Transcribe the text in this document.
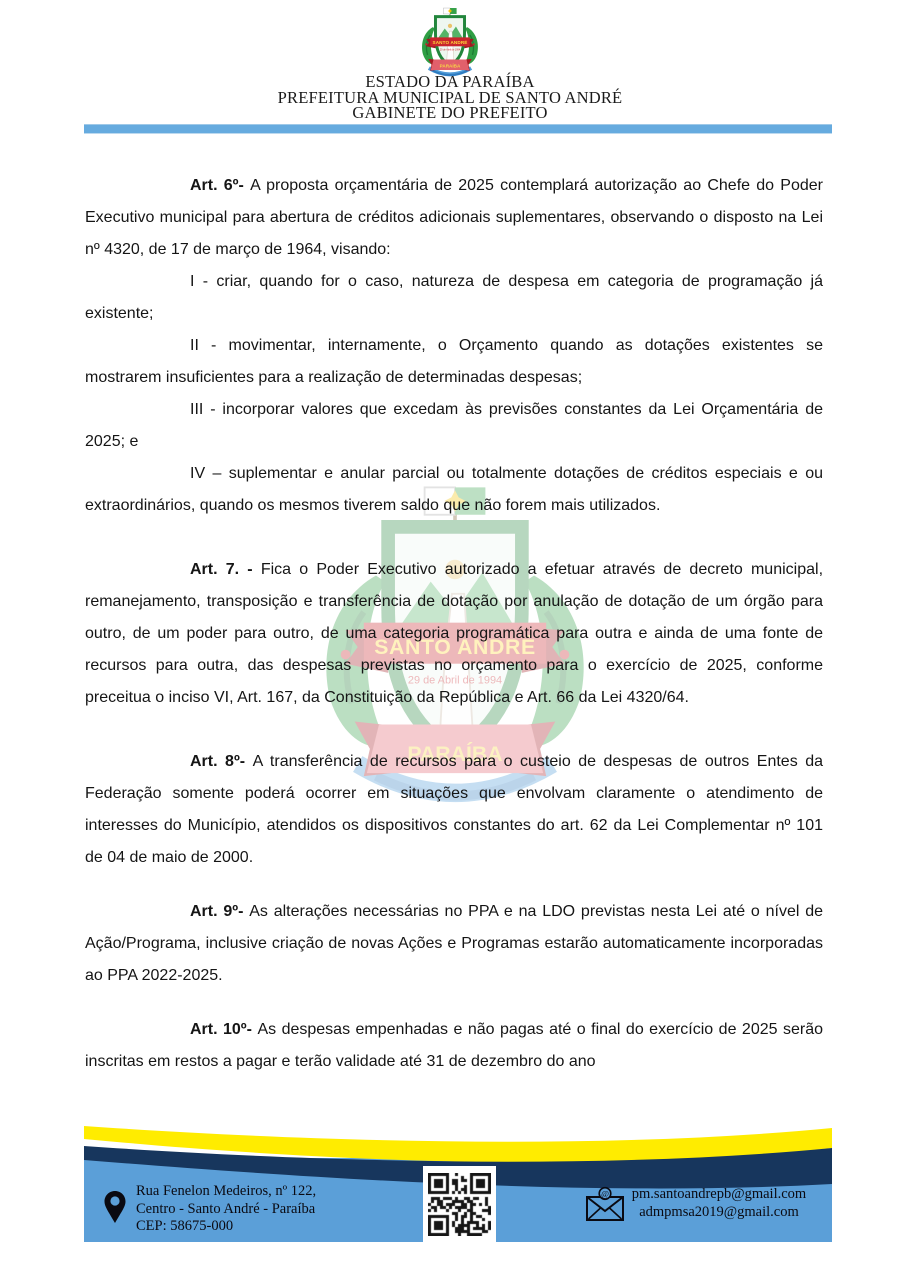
ESTADO DA PARAÍBA
PREFEITURA MUNICIPAL DE SANTO ANDRÉ
GABINETE DO PREFEITO

Art. 6º- A proposta orçamentária de 2025 contemplará autorização ao Chefe do Poder Executivo municipal para abertura de créditos adicionais suplementares, observando o disposto na Lei nº 4320, de 17 de março de 1964, visando:

I - criar, quando for o caso, natureza de despesa em categoria de programação já existente;

II - movimentar, internamente, o Orçamento quando as dotações existentes se mostrarem insuficientes para a realização de determinadas despesas;

III - incorporar valores que excedam às previsões constantes da Lei Orçamentária de 2025; e

IV – suplementar e anular parcial ou totalmente dotações de créditos especiais e ou extraordinários, quando os mesmos tiverem saldo que não forem mais utilizados.

Art. 7. - Fica o Poder Executivo autorizado a efetuar através de decreto municipal, remanejamento, transposição e transferência de dotação por anulação de dotação de um órgão para outro, de um poder para outro, de uma categoria programática para outra e ainda de uma fonte de recursos para outra, das despesas previstas no orçamento para o exercício de 2025, conforme preceitua o inciso VI, Art. 167, da Constituição da República e Art. 66 da Lei 4320/64.

Art. 8º- A transferência de recursos para o custeio de despesas de outros Entes da Federação somente poderá ocorrer em situações que envolvam claramente o atendimento de interesses do Município, atendidos os dispositivos constantes do art. 62 da Lei Complementar nº 101 de 04 de maio de 2000.

Art. 9º- As alterações necessárias no PPA e na LDO previstas nesta Lei até o nível de Ação/Programa, inclusive criação de novas Ações e Programas estarão automaticamente incorporadas ao PPA 2022-2025.

Art. 10º- As despesas empenhadas e não pagas até o final do exercício de 2025 serão inscritas em restos a pagar e terão validade até 31 de dezembro do ano

Rua Fenelon Medeiros, nº 122,
Centro - Santo André - Paraíba
CEP: 58675-000
@ pm.santoandrepb@gmail.com
admpmsa2019@gmail.com
